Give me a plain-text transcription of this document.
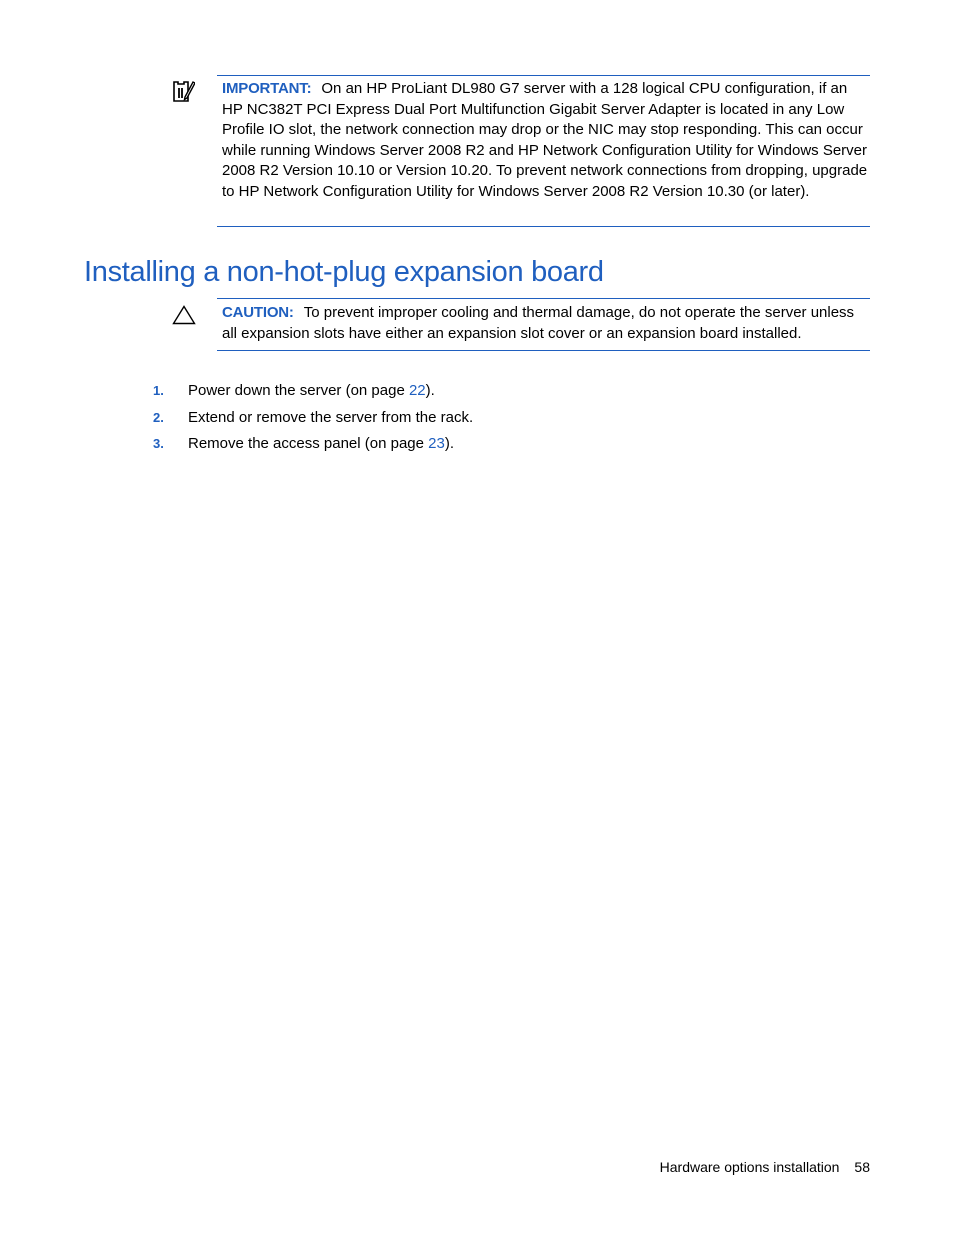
IMPORTANT: On an HP ProLiant DL980 G7 server with a 128 logical CPU configuration, if an HP NC382T PCI Express Dual Port Multifunction Gigabit Server Adapter is located in any Low Profile IO slot, the network connection may drop or the NIC may stop responding. This can occur while running Windows Server 2008 R2 and HP Network Configuration Utility for Windows Server 2008 R2 Version 10.10 or Version 10.20. To prevent network connections from dropping, upgrade to HP Network Configuration Utility for Windows Server 2008 R2 Version 10.30 (or later).
Installing a non-hot-plug expansion board
CAUTION: To prevent improper cooling and thermal damage, do not operate the server unless all expansion slots have either an expansion slot cover or an expansion board installed.
1. Power down the server (on page 22).
2. Extend or remove the server from the rack.
3. Remove the access panel (on page 23).
Hardware options installation 58
